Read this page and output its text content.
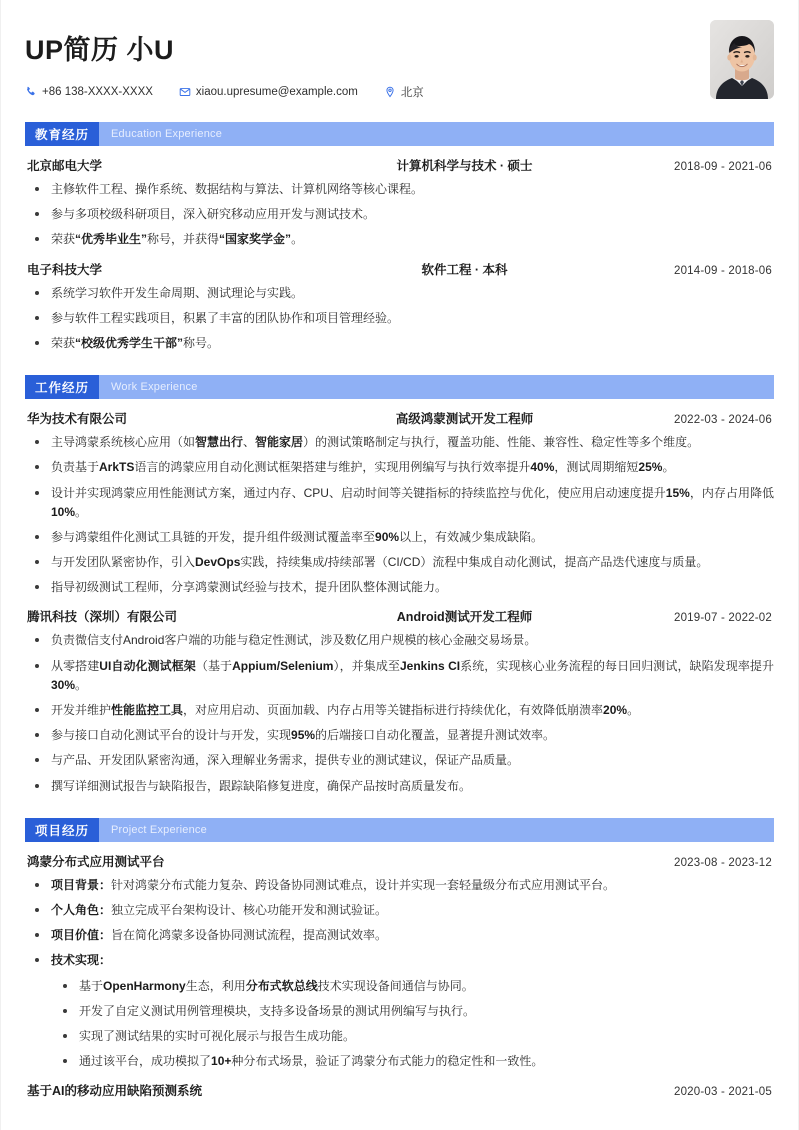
UP简历 小U
+86 138-XXXX-XXXX	xiaou.upresume@example.com	北京
教育经历	Education Experience
北京邮电大学	计算机科学与技术 · 硕士	2018-09 - 2021-06
主修软件工程、操作系统、数据结构与算法、计算机网络等核心课程。
参与多项校级科研项目，深入研究移动应用开发与测试技术。
荣获“优秀毕业生”称号，并获得“国家奖学金”。
电子科技大学	软件工程 · 本科	2014-09 - 2018-06
系统学习软件开发生命周期、测试理论与实践。
参与软件工程实践项目，积累了丰富的团队协作和项目管理经验。
荣获“校级优秀学生干部”称号。
工作经历	Work Experience
华为技术有限公司	高级鸿蒙测试开发工程师	2022-03 - 2024-06
主导鸿蒙系统核心应用（如智慧出行、智能家居）的测试策略制定与执行，覆盖功能、性能、兼容性、稳定性等多个维度。
负责基于ArkTS语言的鸿蒙应用自动化测试框架搭建与维护，实现用例编写与执行效率提升40%，测试周期缩短25%。
设计并实现鸿蒙应用性能测试方案，通过内存、CPU、启动时间等关键指标的持续监控与优化，使应用启动速度提升15%，内存占用降低10%。
参与鸿蒙组件化测试工具链的开发，提升组件级测试覆盖率至90%以上，有效减少集成缺陷。
与开发团队紧密协作，引入DevOps实践，持续集成/持续部署（CI/CD）流程中集成自动化测试，提高产品迭代速度与质量。
指导初级测试工程师，分享鸿蒙测试经验与技术，提升团队整体测试能力。
腾讯科技（深圳）有限公司	Android测试开发工程师	2019-07 - 2022-02
负责微信支付Android客户端的功能与稳定性测试，涉及数亿用户规模的核心金融交易场景。
从零搭建UI自动化测试框架（基于Appium/Selenium），并集成至Jenkins CI系统，实现核心业务流程的每日回归测试，缺陷发现率提升30%。
开发并维护性能监控工具，对应用启动、页面加载、内存占用等关键指标进行持续优化，有效降低崩溃率20%。
参与接口自动化测试平台的设计与开发，实现95%的后端接口自动化覆盖，显著提升测试效率。
与产品、开发团队紧密沟通，深入理解业务需求，提供专业的测试建议，保证产品质量。
撰写详细测试报告与缺陷报告，跟踪缺陷修复进度，确保产品按时高质量发布。
项目经历	Project Experience
鸿蒙分布式应用测试平台	2023-08 - 2023-12
项目背景：针对鸿蒙分布式能力复杂、跨设备协同测试难点，设计并实现一套轻量级分布式应用测试平台。
个人角色：独立完成平台架构设计、核心功能开发和测试验证。
项目价值：旨在简化鸿蒙多设备协同测试流程，提高测试效率。
技术实现：
基于OpenHarmony生态，利用分布式软总线技术实现设备间通信与协同。
开发了自定义测试用例管理模块，支持多设备场景的测试用例编写与执行。
实现了测试结果的实时可视化展示与报告生成功能。
通过该平台，成功模拟了10+种分布式场景，验证了鸿蒙分布式能力的稳定性和一致性。
基于AI的移动应用缺陷预测系统	2020-03 - 2021-05
